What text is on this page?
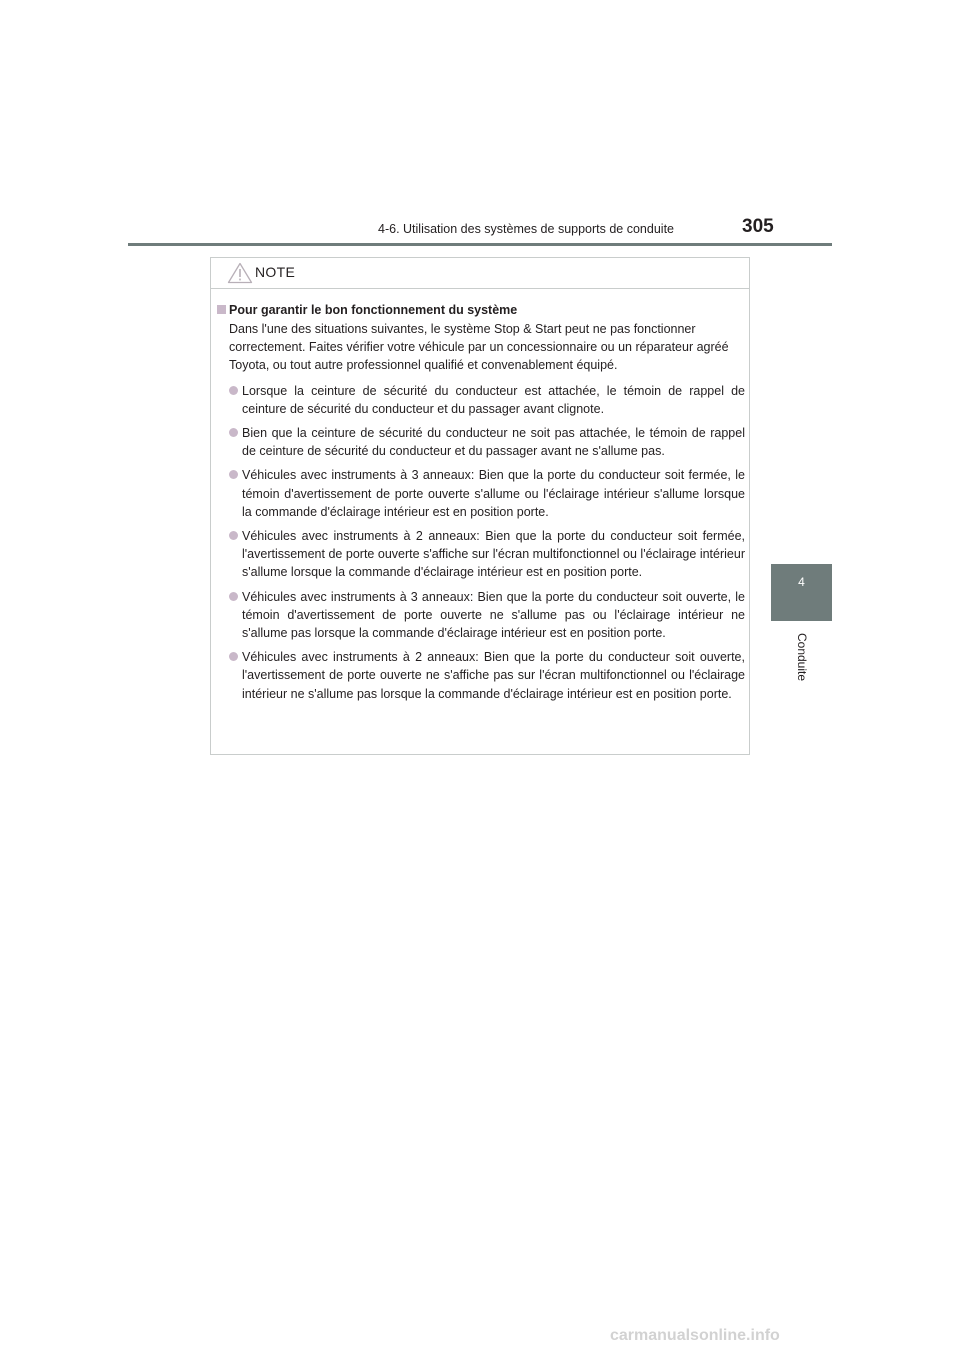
4-6. Utilisation des systèmes de supports de conduite	305
4
Conduite
NOTE
Pour garantir le bon fonctionnement du système

Dans l'une des situations suivantes, le système Stop & Start peut ne pas fonctionner correctement. Faites vérifier votre véhicule par un concessionnaire ou un réparateur agréé Toyota, ou tout autre professionnel qualifié et convenablement équipé.

Lorsque la ceinture de sécurité du conducteur est attachée, le témoin de rappel de ceinture de sécurité du conducteur et du passager avant clignote.
Bien que la ceinture de sécurité du conducteur ne soit pas attachée, le témoin de rappel de ceinture de sécurité du conducteur et du passager avant ne s'allume pas.
Véhicules avec instruments à 3 anneaux: Bien que la porte du conducteur soit fermée, le témoin d'avertissement de porte ouverte s'allume ou l'éclairage intérieur s'allume lorsque la commande d'éclairage intérieur est en position porte.
Véhicules avec instruments à 2 anneaux: Bien que la porte du conducteur soit fermée, l'avertissement de porte ouverte s'affiche sur l'écran multifonctionnel ou l'éclairage intérieur s'allume lorsque la commande d'éclairage intérieur est en position porte.
Véhicules avec instruments à 3 anneaux: Bien que la porte du conducteur soit ouverte, le témoin d'avertissement de porte ouverte ne s'allume pas ou l'éclairage intérieur ne s'allume pas lorsque la commande d'éclairage intérieur est en position porte.
Véhicules avec instruments à 2 anneaux: Bien que la porte du conducteur soit ouverte, l'avertissement de porte ouverte ne s'affiche pas sur l'écran multifonctionnel ou l'éclairage intérieur ne s'allume pas lorsque la commande d'éclairage intérieur est en position porte.
carmanualsonline.info
